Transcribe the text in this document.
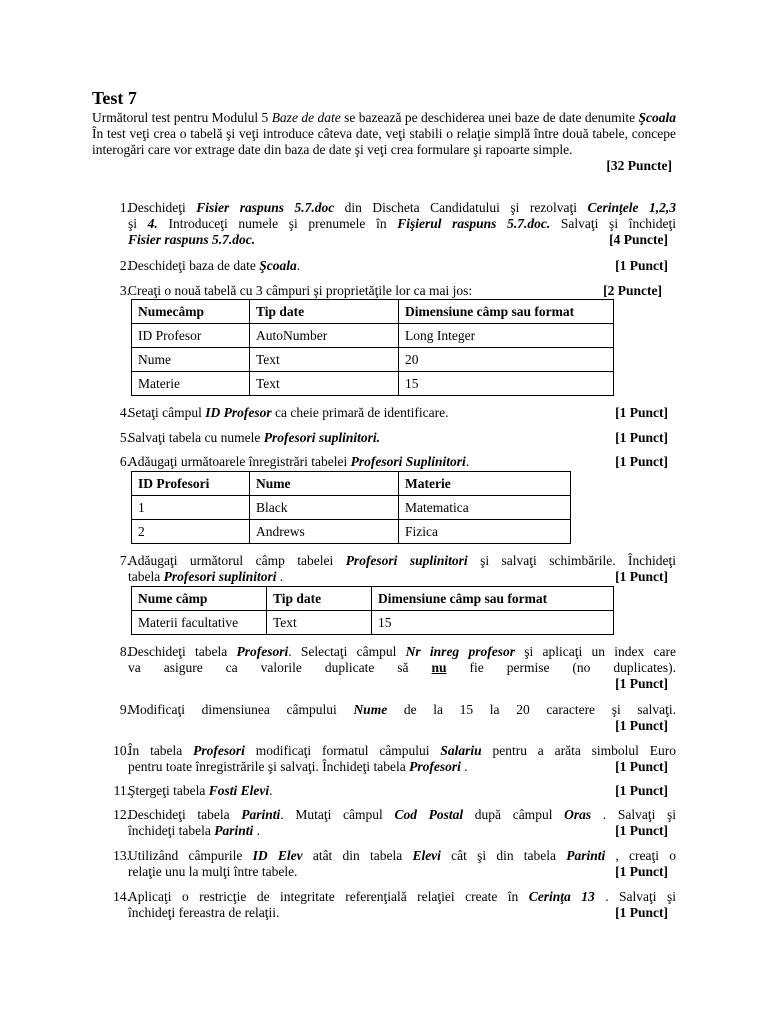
Test 7

Următorul test pentru Modulul 5 Baze de date se bazează pe deschiderea unei baze de date denumite Şcoala În test veţi crea o tabelă şi veţi introduce câteva date, veţi stabili o relaţie simplă între două tabele, concepe interogări care vor extrage date din baza de date şi veţi crea formulare şi rapoarte simple.

[32 Puncte]
1.
Deschideţi Fisier raspuns 5.7.doc din Discheta Candidatului şi rezolvaţi Cerinţele 1,2,3
şi 4. Introduceţi numele şi prenumele în Fişierul raspuns 5.7.doc. Salvaţi şi închideţi
Fisier raspuns 5.7.doc.	[4 Puncte]
2.
Deschideţi baza de date Şcoala.	[1 Punct]
3.
Creaţi o nouă tabelă cu 3 câmpuri şi proprietăţile lor ca mai jos:	[2 Puncte]
Numecâmp	Tip date	Dimensiune câmp sau format
ID Profesor	AutoNumber	Long Integer
Nume	Text	20
Materie	Text	15
4.
Setaţi câmpul ID Profesor ca cheie primară de identificare.	[1 Punct]
5.
Salvaţi tabela cu numele Profesori suplinitori.	[1 Punct]
6.
Adăugaţi următoarele înregistrări tabelei Profesori Suplinitori.	[1 Punct]
ID Profesori	Nume	Materie
1	Black	Matematica
2	Andrews	Fizica
7.
Adăugaţi următorul câmp tabelei Profesori suplinitori şi salvaţi schimbările. Închideţi
tabela Profesori suplinitori .	[1 Punct]
Nume câmp	Tip date	Dimensiune câmp sau format
Materii facultative	Text	15
8.
Deschideţi tabela Profesori. Selectaţi câmpul Nr inreg profesor şi aplicaţi un index care
va asigure ca valorile duplicate să nu fie permise (no duplicates).
[1 Punct]
9.
Modificaţi dimensiunea câmpului Nume de la 15 la 20 caractere şi salvaţi.
[1 Punct]
10.
În tabela Profesori modificaţi formatul câmpului Salariu pentru a arăta simbolul Euro
pentru toate înregistrările şi salvaţi. Închideţi tabela Profesori .	[1 Punct]
11.
Ştergeţi tabela Fosti Elevi.	[1 Punct]
12.
Deschideţi tabela Parinti. Mutaţi câmpul Cod Postal după câmpul Oras . Salvaţi şi
închideţi tabela Parinti .	[1 Punct]
13.
Utilizând câmpurile ID Elev atât din tabela Elevi cât şi din tabela Parinti , creaţi o
relaţie unu la mulţi între tabele.	[1 Punct]
14.
Aplicaţi o restricţie de integritate referenţială relaţiei create în Cerinţa 13 . Salvaţi şi
închideţi fereastra de relaţii.	[1 Punct]
